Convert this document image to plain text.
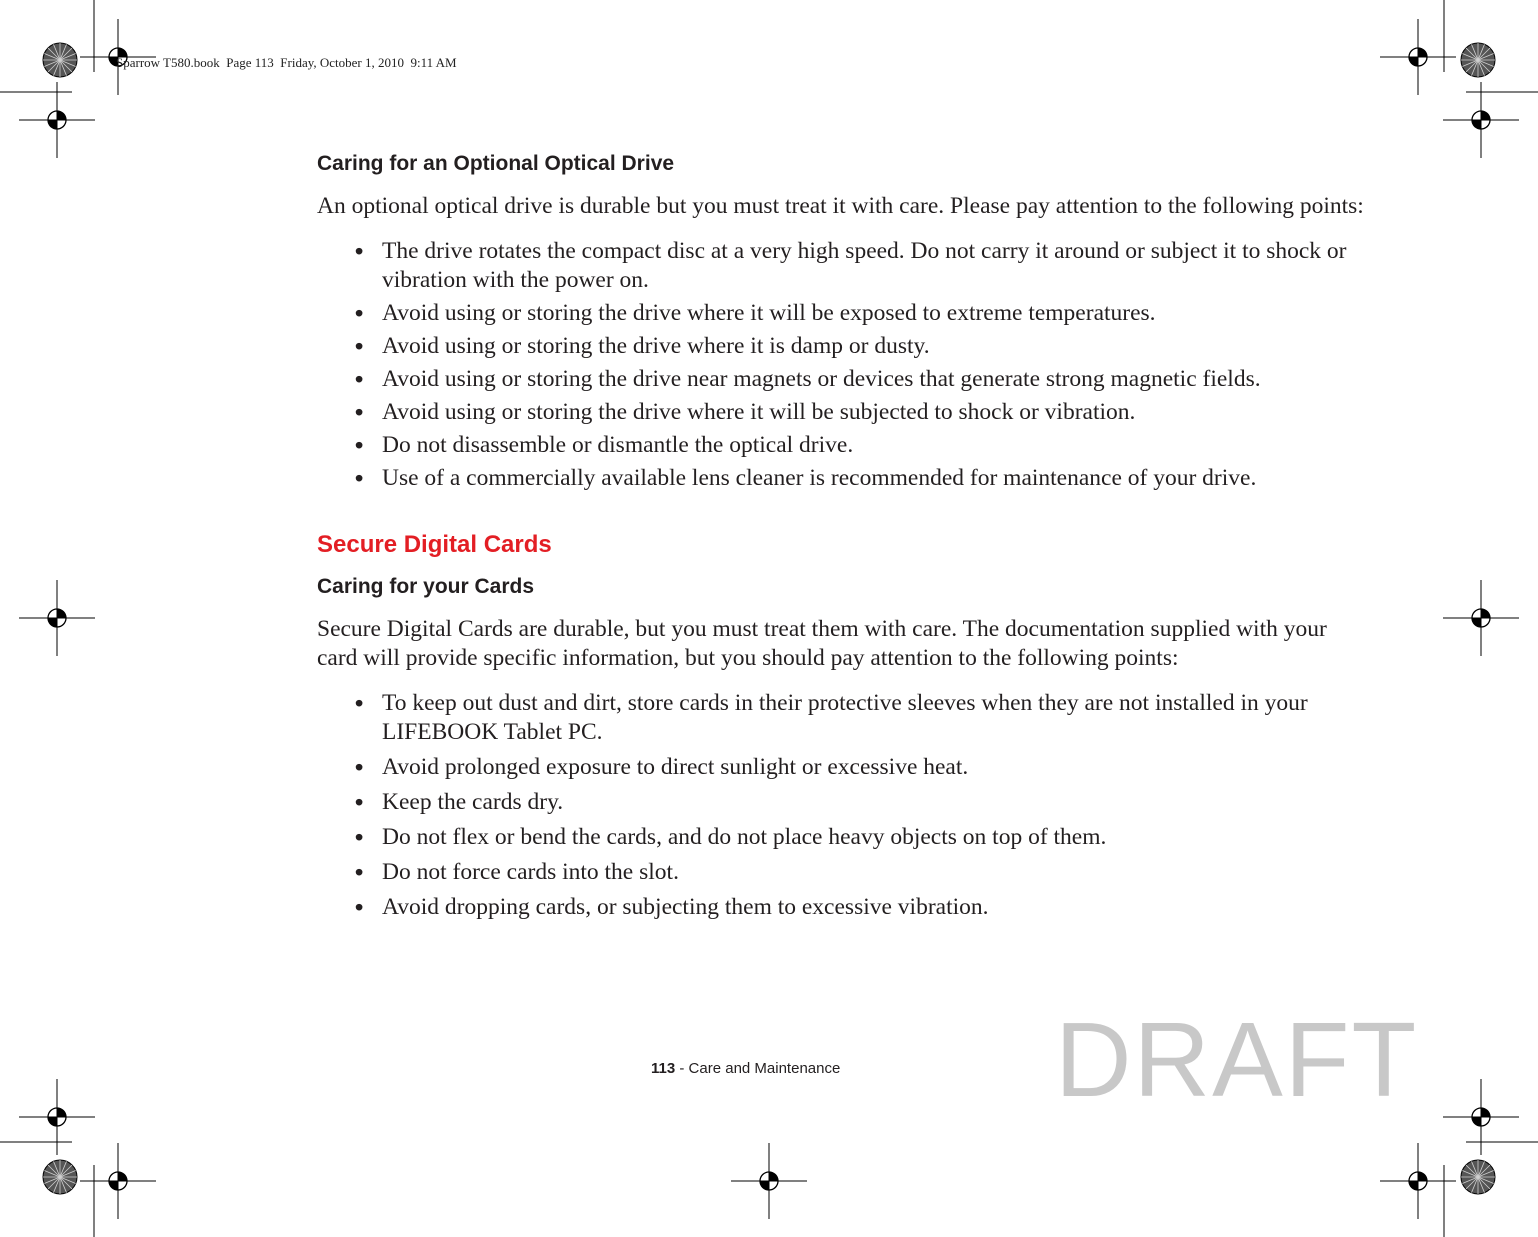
Sparrow T580.book  Page 113  Friday, October 1, 2010  9:11 AM
Caring for an Optional Optical Drive

An optional optical drive is durable but you must treat it with care. Please pay attention to the following points:

• The drive rotates the compact disc at a very high speed. Do not carry it around or subject it to shock or vibration with the power on.
• Avoid using or storing the drive where it will be exposed to extreme temperatures.
• Avoid using or storing the drive where it is damp or dusty.
• Avoid using or storing the drive near magnets or devices that generate strong magnetic fields.
• Avoid using or storing the drive where it will be subjected to shock or vibration.
• Do not disassemble or dismantle the optical drive.
• Use of a commercially available lens cleaner is recommended for maintenance of your drive.
Secure Digital Cards
Caring for your Cards

Secure Digital Cards are durable, but you must treat them with care. The documentation supplied with your card will provide specific information, but you should pay attention to the following points:

• To keep out dust and dirt, store cards in their protective sleeves when they are not installed in your LIFEBOOK Tablet PC.
• Avoid prolonged exposure to direct sunlight or excessive heat.
• Keep the cards dry.
• Do not flex or bend the cards, and do not place heavy objects on top of them.
• Do not force cards into the slot.
• Avoid dropping cards, or subjecting them to excessive vibration.
113 - Care and Maintenance DRAFT
